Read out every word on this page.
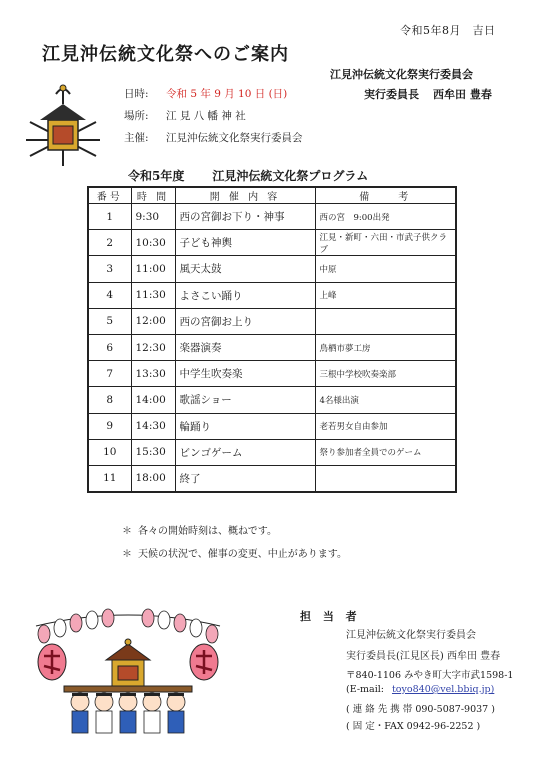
令和5年8月　吉日
江見沖伝統文化祭へのご案内
江見沖伝統文化祭実行委員会
実行委員長 西牟田 豊春
日時: 令和 5 年 9 月 10 日 (日)
場所: 江 見 八 幡 神 社
主催: 江見沖伝統文化祭実行委員会
令和5年度 江見沖伝統文化祭プログラム
番号	時 間	開 催 内 容	備　　考
1	9:30	西の宮御お下り・神事	西の宮　9:00出発
2	10:30	子ども神輿	江見・新町・六田・市武子供クラブ
3	11:00	風天太鼓	中原
4	11:30	よさこい踊り	上峰
5	12:00	西の宮御お上り	
6	12:30	楽器演奏	鳥栖市夢工房
7	13:30	中学生吹奏楽	三根中学校吹奏楽部
8	14:00	歌謡ショー	4名様出演
9	14:30	輪踊り	老若男女自由参加
10	15:30	ビンゴゲーム	祭り参加者全員でのゲーム
11	18:00	終了	
＊ 各々の開始時刻は、概ねです。
＊ 天候の状況で、催事の変更、中止があります。
担 当 者
江見沖伝統文化祭実行委員会
実行委員長(江見区長) 西牟田 豊春
〒840-1106 みやき町大字市武1598-1
(E-mail: toyo840@vel.bbiq.jp)
( 連 絡 先 携 帯 090-5087-9037 )
( 固 定・FAX 0942-96-2252 )
